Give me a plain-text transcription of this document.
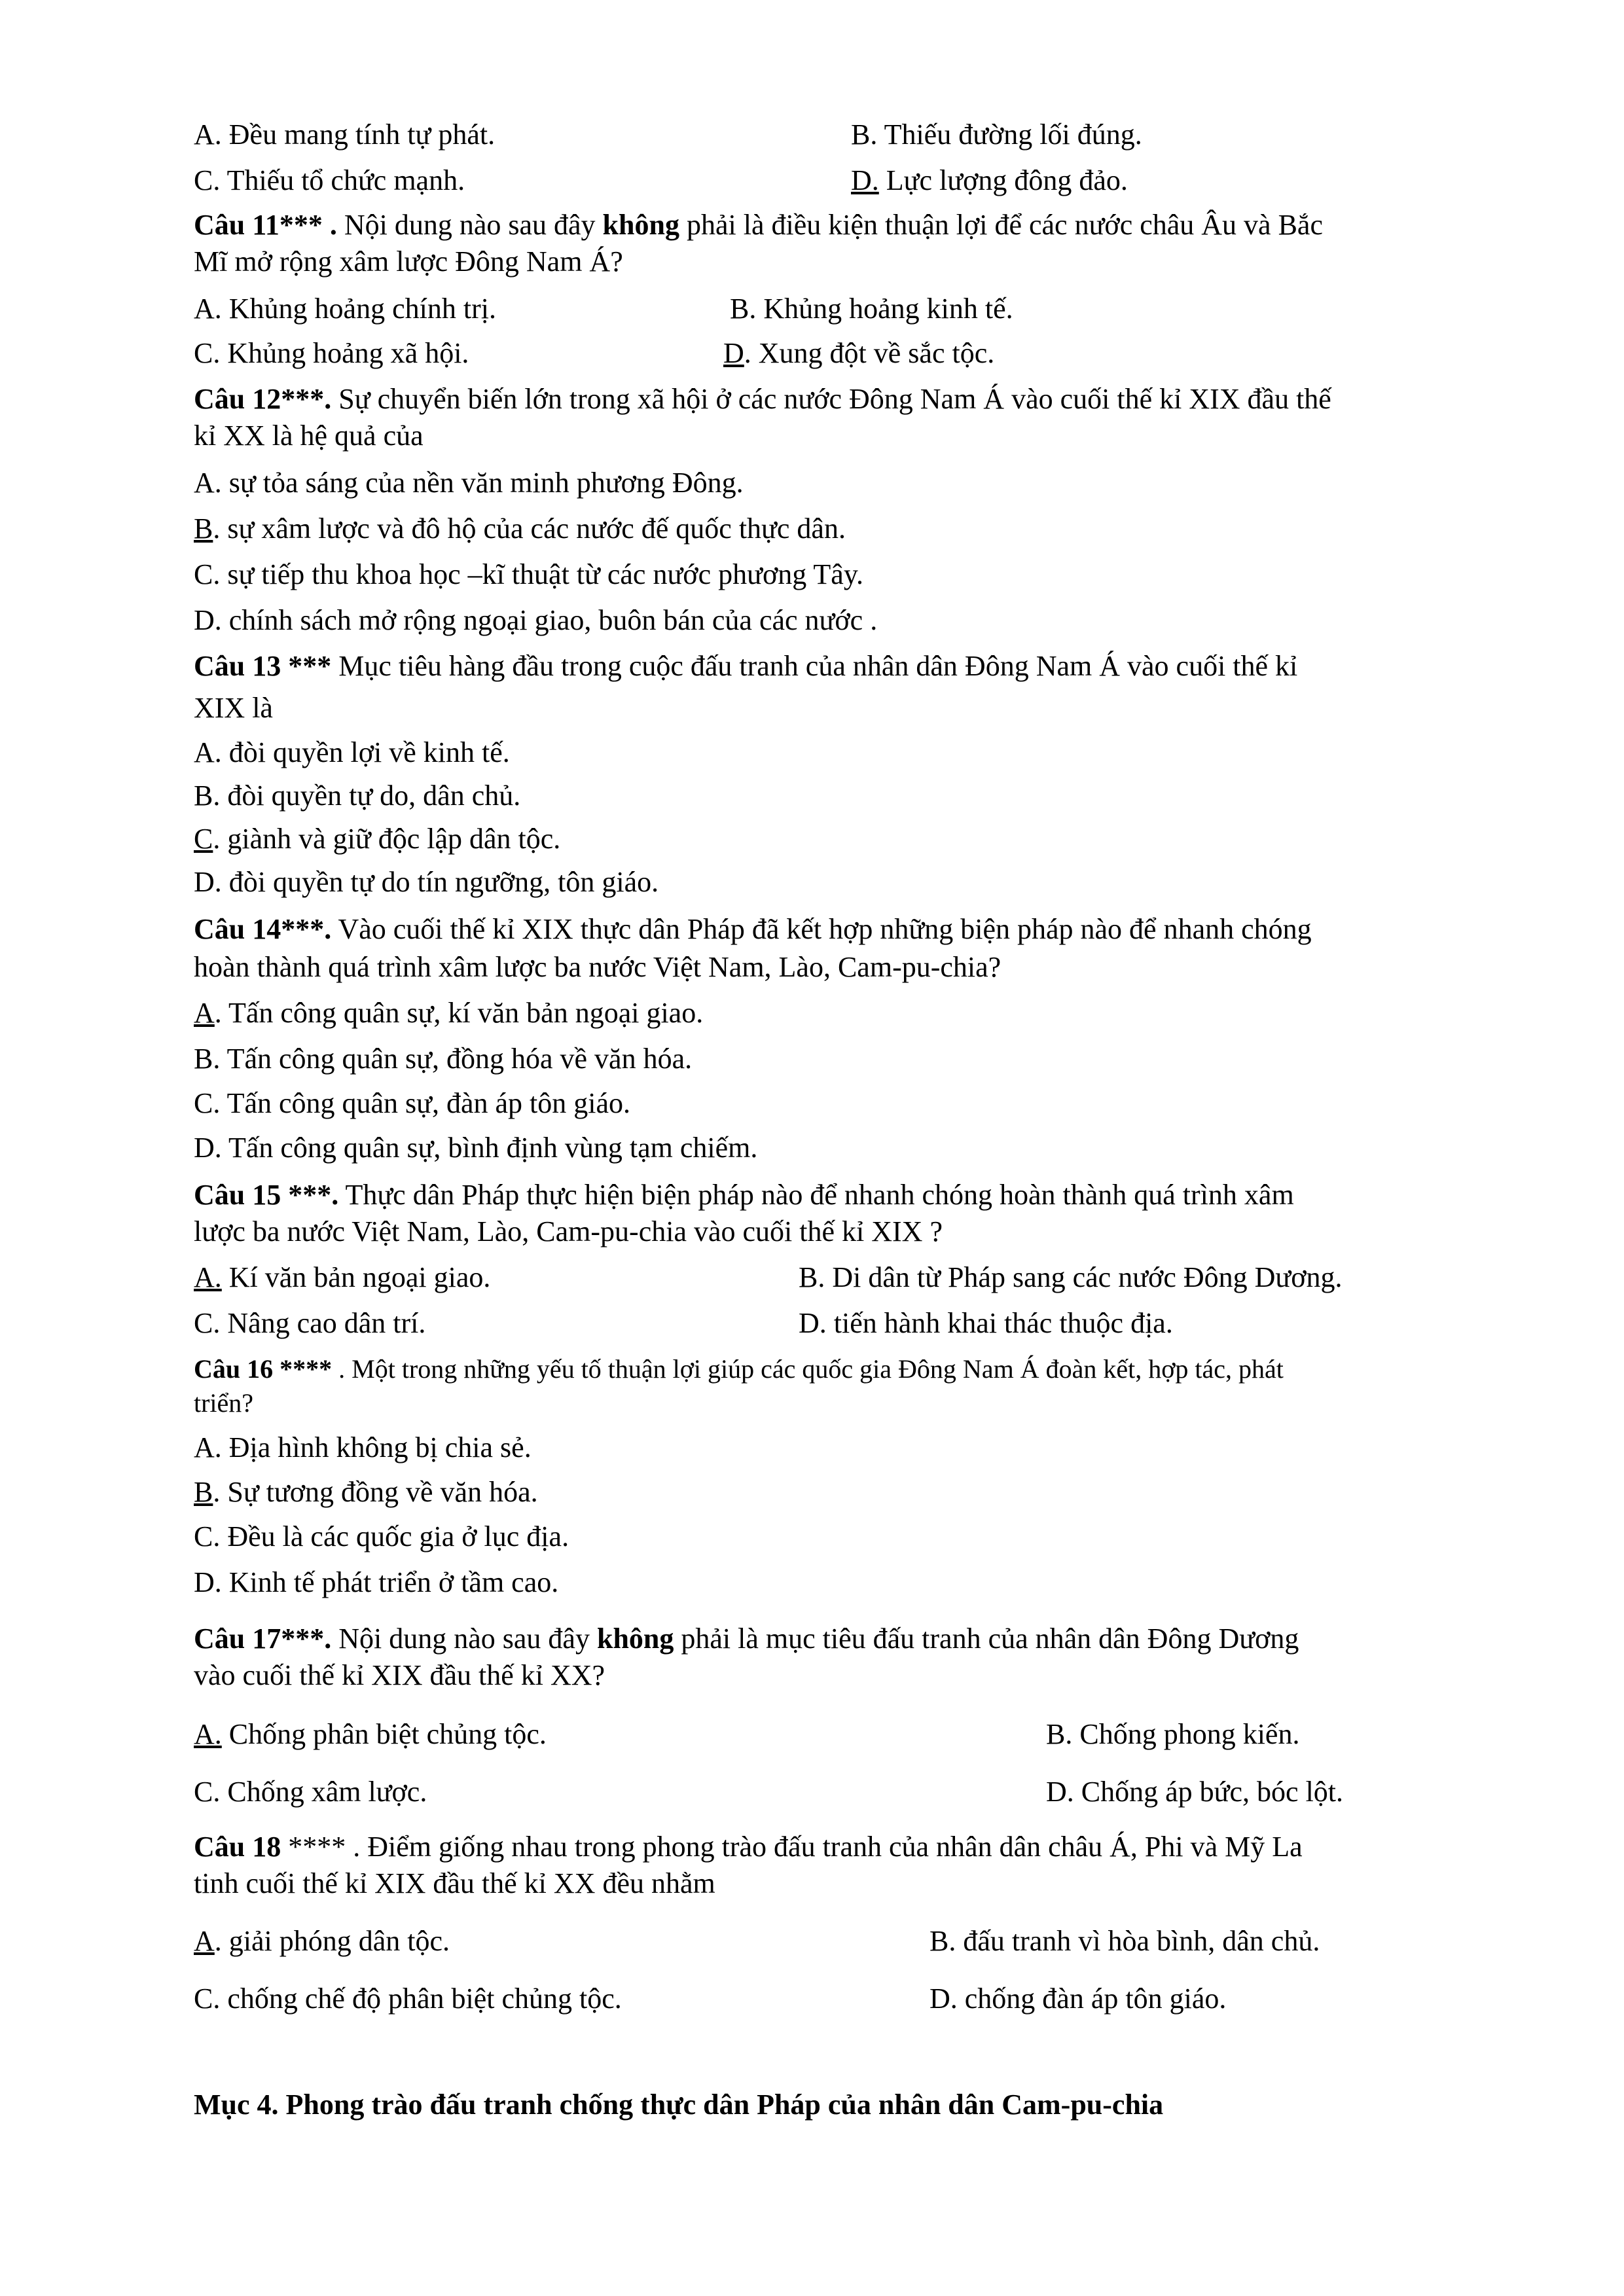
A. Đều mang tính tự phát.	B. Thiếu đường lối đúng.
C. Thiếu tổ chức mạnh.	D. Lực lượng đông đảo.
Câu 11*** . Nội dung nào sau đây không phải là điều kiện thuận lợi để các nước châu Âu và Bắc
Mĩ mở rộng xâm lược Đông Nam Á?
A. Khủng hoảng chính trị.	B. Khủng hoảng kinh tế.
C. Khủng hoảng xã hội.	D. Xung đột về sắc tộc.
Câu 12***. Sự chuyển biến lớn trong xã hội ở các nước Đông Nam Á vào cuối thế kỉ XIX đầu thế
kỉ XX là hệ quả của
A. sự tỏa sáng của nền văn minh phương Đông.
B. sự xâm lược và đô hộ của các nước đế quốc thực dân.
C. sự tiếp thu khoa học –kĩ thuật từ các nước phương Tây.
D. chính sách mở rộng ngoại giao, buôn bán của các nước .
Câu 13 *** Mục tiêu hàng đầu trong cuộc đấu tranh của nhân dân Đông Nam Á vào cuối thế kỉ
XIX là
A. đòi quyền lợi về kinh tế.
B. đòi quyền tự do, dân chủ.
C. giành và giữ độc lập dân tộc.
D. đòi quyền tự do tín ngưỡng, tôn giáo.
Câu 14***. Vào cuối thế kỉ XIX thực dân Pháp đã kết hợp những biện pháp nào để nhanh chóng
hoàn thành quá trình xâm lược ba nước Việt Nam, Lào, Cam-pu-chia?
A. Tấn công quân sự, kí văn bản ngoại giao.
B. Tấn công quân sự, đồng hóa về văn hóa.
C. Tấn công quân sự, đàn áp tôn giáo.
D. Tấn công quân sự, bình định vùng tạm chiếm.
Câu 15 ***. Thực dân Pháp thực hiện biện pháp nào để nhanh chóng hoàn thành quá trình xâm
lược ba nước Việt Nam, Lào, Cam-pu-chia vào cuối thế kỉ XIX ?
A. Kí văn bản ngoại giao.	B. Di dân từ Pháp sang các nước Đông Dương.
C. Nâng cao dân trí.	D. tiến hành khai thác thuộc địa.
Câu 16 **** . Một trong những yếu tố thuận lợi giúp các quốc gia Đông Nam Á đoàn kết, hợp tác, phát
triển?
A. Địa hình không bị chia sẻ.
B. Sự tương đồng về văn hóa.
C. Đều là các quốc gia ở lục địa.
D. Kinh tế phát triển ở tầm cao.
Câu 17***. Nội dung nào sau đây không phải là mục tiêu đấu tranh của nhân dân Đông Dương
vào cuối thế kỉ XIX đầu thế kỉ XX?
A. Chống phân biệt chủng tộc.	B. Chống phong kiến.
C. Chống xâm lược.	D. Chống áp bức, bóc lột.
Câu 18 **** . Điểm giống nhau trong phong trào đấu tranh của nhân dân châu Á, Phi và Mỹ La
tinh cuối thế kỉ XIX đầu thế kỉ XX đều nhằm
A. giải phóng dân tộc.	B. đấu tranh vì hòa bình, dân chủ.
C. chống chế độ phân biệt chủng tộc.	D. chống đàn áp tôn giáo.
Mục 4. Phong trào đấu tranh chống thực dân Pháp của nhân dân Cam-pu-chia
